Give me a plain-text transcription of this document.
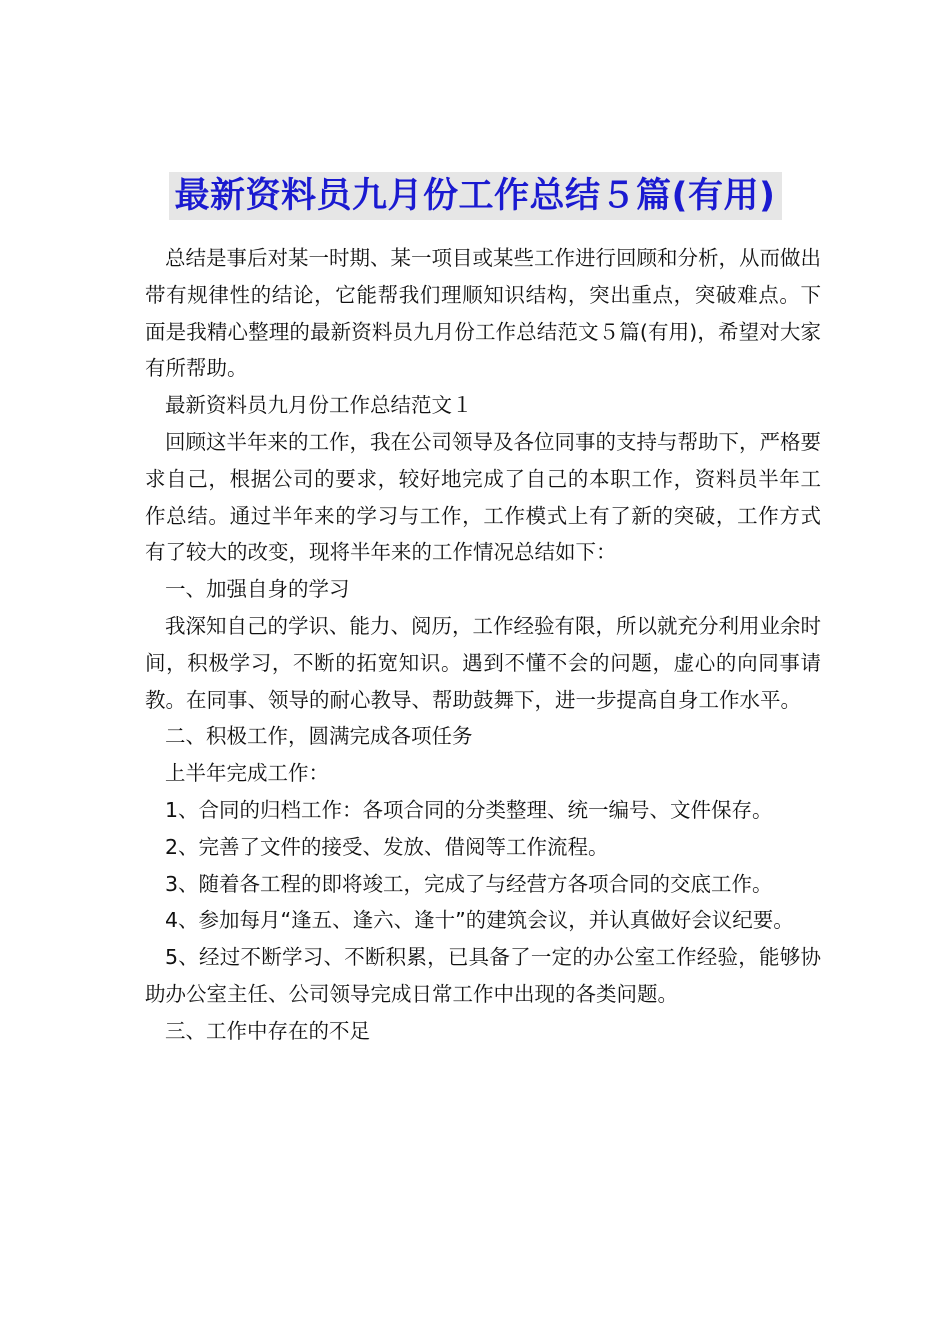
最新资料员九月份工作总结５篇(有用)

总结是事后对某一时期、某一项目或某些工作进行回顾和分析，从而做出带有规律性的结论，它能帮我们理顺知识结构，突出重点，突破难点。下面是我精心整理的最新资料员九月份工作总结范文５篇(有用)，希望对大家有所帮助。

最新资料员九月份工作总结范文１

回顾这半年来的工作，我在公司领导及各位同事的支持与帮助下，严格要求自己，根据公司的要求，较好地完成了自己的本职工作，资料员半年工作总结。通过半年来的学习与工作，工作模式上有了新的突破，工作方式有了较大的改变，现将半年来的工作情况总结如下：

一、加强自身的学习

我深知自己的学识、能力、阅历，工作经验有限，所以就充分利用业余时间，积极学习，不断的拓宽知识。遇到不懂不会的问题，虚心的向同事请教。在同事、领导的耐心教导、帮助鼓舞下，进一步提高自身工作水平。

二、积极工作，圆满完成各项任务

上半年完成工作：

1、合同的归档工作：各项合同的分类整理、统一编号、文件保存。

2、完善了文件的接受、发放、借阅等工作流程。

3、随着各工程的即将竣工，完成了与经营方各项合同的交底工作。

4、参加每月“逢五、逢六、逢十”的建筑会议，并认真做好会议纪要。

5、经过不断学习、不断积累，已具备了一定的办公室工作经验，能够协助办公室主任、公司领导完成日常工作中出现的各类问题。

三、工作中存在的不足
